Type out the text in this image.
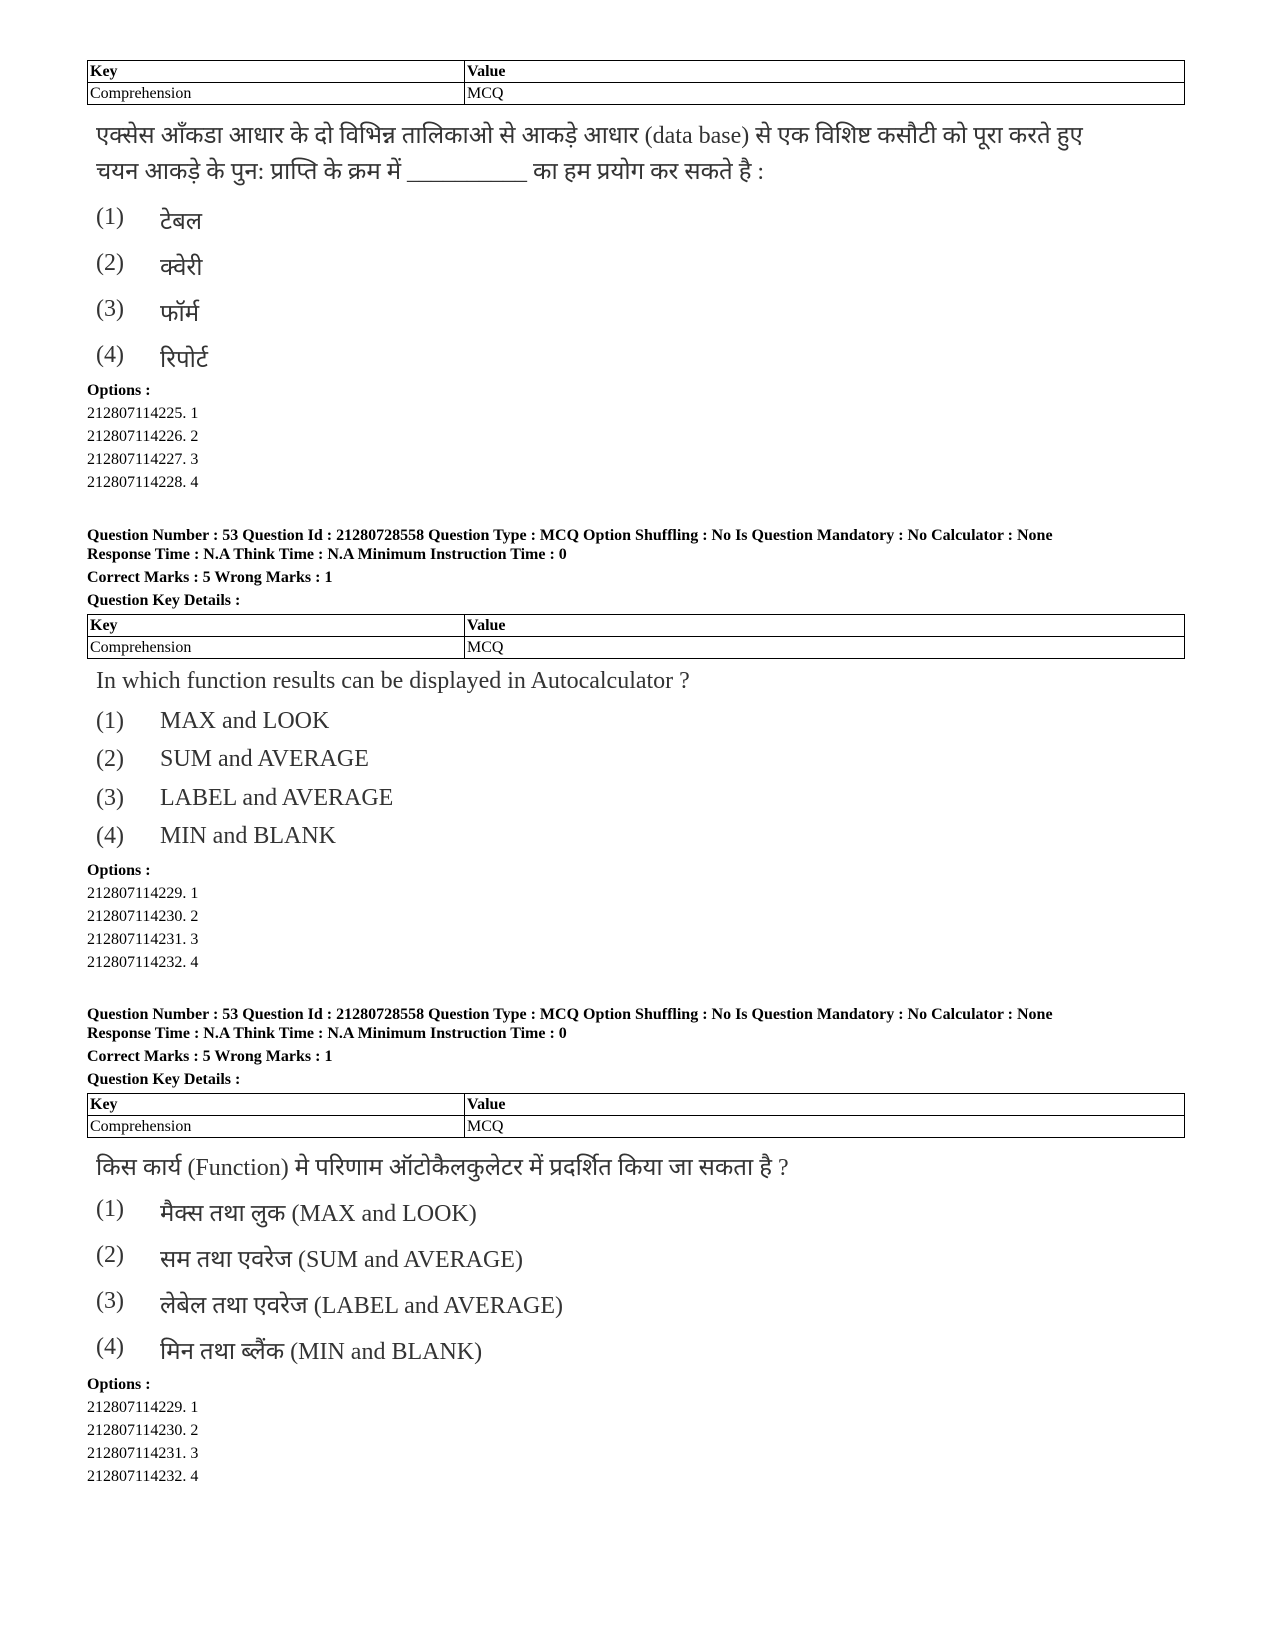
Key	Value
Comprehension	MCQ
एक्सेस आँकडा आधार के दो विभिन्न तालिकाओ से आकड़े आधार (data base) से एक विशिष्ट कसौटी को पूरा करते हुए
चयन आकड़े के पुन: प्राप्ति के क्रम में __________ का हम प्रयोग कर सकते है :
(1) टेबल
(2) क्वेरी
(3) फॉर्म
(4) रिपोर्ट
Options :
212807114225. 1
212807114226. 2
212807114227. 3
212807114228. 4
Question Number : 53 Question Id : 21280728558 Question Type : MCQ Option Shuffling : No Is Question Mandatory : No Calculator : None
Response Time : N.A Think Time : N.A Minimum Instruction Time : 0
Correct Marks : 5 Wrong Marks : 1
Question Key Details :
Key	Value
Comprehension	MCQ
In which function results can be displayed in Autocalculator ?
(1) MAX and LOOK
(2) SUM and AVERAGE
(3) LABEL and AVERAGE
(4) MIN and BLANK
Options :
212807114229. 1
212807114230. 2
212807114231. 3
212807114232. 4
Question Number : 53 Question Id : 21280728558 Question Type : MCQ Option Shuffling : No Is Question Mandatory : No Calculator : None
Response Time : N.A Think Time : N.A Minimum Instruction Time : 0
Correct Marks : 5 Wrong Marks : 1
Question Key Details :
Key	Value
Comprehension	MCQ
किस कार्य (Function) मे परिणाम ऑटोकैलकुलेटर में प्रदर्शित किया जा सकता है ?
(1) मैक्स तथा लुक (MAX and LOOK)
(2) सम तथा एवरेज (SUM and AVERAGE)
(3) लेबेल तथा एवरेज (LABEL and AVERAGE)
(4) मिन तथा ब्लैंक (MIN and BLANK)
Options :
212807114229. 1
212807114230. 2
212807114231. 3
212807114232. 4
